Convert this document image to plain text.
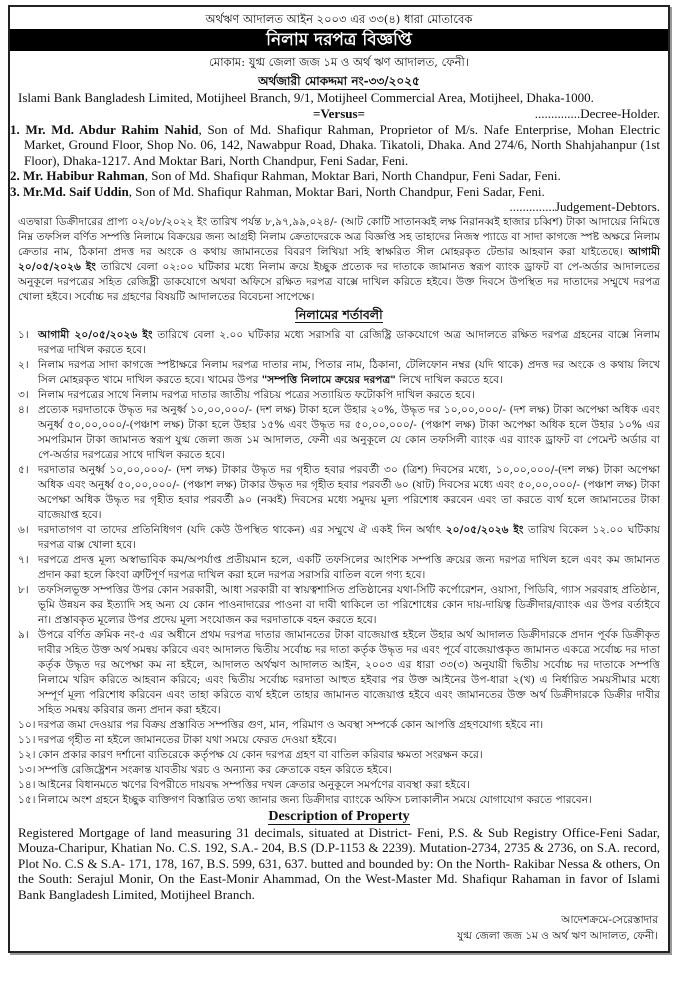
অর্থঋণ আদালত আইন ২০০৩ এর ৩৩(৪) ধারা মোতাবেক
নিলাম দরপত্র বিজ্ঞপ্তি
মোকাম: যুগ্ম জেলা জজ ১ম ও অর্থ ঋণ আদালত, ফেনী।
অর্থজারী মোকদ্দমা নং-৩৩/২০২৫
Islami Bank Bangladesh Limited, Motijheel Branch, 9/1, Motijheel Commercial Area, Motijheel, Dhaka-1000.
..............Decree-Holder.
=Versus=
1. Mr. Md. Abdur Rahim Nahid, Son of Md. Shafiqur Rahman, Proprietor of M/s. Nafe Enterprise, Mohan Electric Market, Ground Floor, Shop No. 06, 142, Nawabpur Road, Dhaka. Tikatoli, Dhaka. And 274/6, North Shahjahanpur (1st Floor), Dhaka-1217. And Moktar Bari, North Chandpur, Feni Sadar, Feni.
2. Mr. Habibur Rahman, Son of Md. Shafiqur Rahman, Moktar Bari, North Chandpur, Feni Sadar, Feni.
3. Mr.Md. Saif Uddin, Son of Md. Shafiqur Rahman, Moktar Bari, North Chandpur, Feni Sadar, Feni.
..............Judgement-Debtors.
এতদ্বারা ডিক্রীদারের প্রাপ্য ০২/০৮/২০২২ ইং তারিখ পর্যন্ত ৮,৯৭,৯৯,০২৪/- (আট কোটি সাতানব্বই লক্ষ নিরানব্বই হাজার চব্বিশ) টাকা আদায়ের নিমিত্তে নিম্ন তফসিল বর্ণিত সম্পত্তি নিলামে বিক্রয়ের জন্য আগ্রহী নিলাম ক্রেতাদেরকে অত্র বিজ্ঞপ্তি সহ তাহাদের নিজস্ব প্যাডে বা সাদা কাগজে স্পষ্ট অক্ষরে নিলাম ক্রেতার নাম, ঠিকানা প্রদত্ত দর অংকে ও কথায় জামানতের বিবরণ লিখিয়া সহি স্বাক্ষরিত সীল মোহরকৃত টেন্ডার আহবান করা যাইতেছে। আগামী ২০/০৫/২০২৬ ইং তারিখে বেলা ০২:০০ ঘটিকার মধ্যে নিলাম ক্রয়ে ইচ্ছুক প্রত্যেক দর দাতাকে জামানত স্বরূপ ব্যাংক ড্রাফট বা পে-অর্ডার আদালতের অনুকূলে দরপত্রের সহিত রেজিষ্ট্রী ডাকযোগে অথবা অফিসে রক্ষিত দরপত্র বাক্সে দাখিল করিতে হইবে। উক্ত দিবসে উপস্থিত দর দাতাদের সম্মুখে দরপত্র খোলা হইবে। সর্বোচ্চ দর গ্রহণের বিষয়টি আদালতের বিবেচনা সাপেক্ষে।
নিলামের শর্তাবলী
১। আগামী ২০/০৫/২০২৬ ইং তারিখে বেলা ২.০০ ঘটিকার মধ্যে সরাসরি বা রেজিষ্ট্রি ডাকযোগে অত্র আদালতে রক্ষিত দরপত্র গ্রহনের বাক্সে নিলাম দরপত্র দাখিল করতে হবে।
২। নিলাম দরপত্র সাদা কাগজে স্পষ্টাক্ষরে নিলাম দরপত্র দাতার নাম, পিতার নাম, ঠিকানা, টেলিফোন নম্বর (যদি থাকে) প্রদত্ত দর অংকে ও কথায় লিখে সিল মোহরকৃত খামে দাখিল করতে হবে। খামের উপর "সম্পত্তি নিলামে ক্রয়ের দরপত্র" লিখে দাখিল করতে হবে।
৩। নিলাম দরপত্রের সাথে নিলাম দরপত্র দাতার জাতীয় পরিচয় পত্রের সত্যায়িত ফটোকপি দাখিল করতে হবে।
৪। প্রত্যেক দরদাতাকে উদ্ধৃত দর অনুর্ধ্ব ১০,০০,০০০/- (দশ লক্ষ) টাকা হলে উহার ২০%, উদ্ধৃত দর ১০,০০,০০০/- (দশ লক্ষ) টাকা অপেক্ষা অধিক এবং অনুর্ধ্ব ৫০,০০,০০০/-(পঞ্চাশ লক্ষ) টাকা হলে উহার ১৫% এবং উদ্ধৃত দর ৫০,০০,০০০/- (পঞ্চাশ লক্ষ) টাকা অপেক্ষা অধিক হলে উহার ১০% এর সমপরিমান টাকা জামানত স্বরূপ যুগ্ম জেলা জজ ১ম আদালত, ফেনী এর অনুকূলে যে কোন তফসিলী ব্যাংক এর ব্যাংক ড্রাফট বা পেমেন্ট অর্ডার বা পে-অর্ডার দরপত্রের সাথে দাখিল করতে হবে।
৫। দরদাতার অনুর্ধ্ব ১০,০০,০০০/- (দশ লক্ষ) টাকার উদ্ধৃত দর গৃহীত হবার পরবর্তী ৩০ (ত্রিশ) দিবসের মধ্যে, ১০,০০,০০০/-(দশ লক্ষ) টাকা অপেক্ষা অধিক এবং অনুর্ধ্ব ৫০,০০,০০০/- (পঞ্চাশ লক্ষ) টাকার উদ্ধৃত দর গৃহীত হবার পরবর্তী ৬০ (ষাট) দিবসের মধ্যে এবং ৫০,০০,০০০/- (পঞ্চাশ লক্ষ) টাকা অপেক্ষা অধিক উদ্ধৃত দর গৃহীত হবার পরবর্তী ৯০ (নব্বই) দিবসের মধ্যে সমুদয় মূল্য পরিশোধ করবেন এবং তা করতে ব্যর্থ হলে জামানতের টাকা বাজেয়াপ্ত হবে।
৬। দরদাতাগণ বা তাদের প্রতিনিধিগণ (যদি কেউ উপস্থিত থাকেন) এর সম্মুখে ঐ একই দিন অর্থাৎ ২০/০৫/২০২৬ ইং তারিখ বিকেল ১২.০০ ঘটিকায় দরপত্র বাক্স খোলা হবে।
৭। দরপত্রে প্রদত্ত মূল্য অস্বাভাবিক কম/অপর্যাপ্ত প্রতীয়মান হলে, একটি তফসিলের আংশিক সম্পত্তি ক্রয়ের জন্য দরপত্র দাখিল হলে এবং কম জামানত প্রদান করা হলে কিংবা ত্রুটিপূর্ণ দরপত্র দাখিল করা হলে দরপত্র সরাসরি বাতিল বলে গণ্য হবে।
৮। তফসিলভূক্ত সম্পত্তির উপর কোন সরকারী, আধা সরকারী বা স্বায়ত্বশাসিত প্রতিষ্ঠানের যথা-সিটি কর্পোরেশন, ওয়াসা, পিডিবি, গ্যাস সরবরাহ প্রতিষ্ঠান, ভূমি উন্নয়ন কর ইত্যাদি সহ অন্য যে কোন পাওনাদারের পাওনা বা দাবী থাকিলে তা পরিশোধের কোন দায়-দায়িত্ব ডিক্রীদার/ব্যাংক এর উপর বর্তাইবে না। প্রস্তাবকৃত মূল্যের উপর প্রদেয় মূল্য সংযোজন কর দরদাতাকে বহন করতে হবে।
৯। উপরে বর্ণিত ক্রমিক নং-৫ এর অধীনে প্রথম দরপত্র দাতার জামানতের টাকা বাজেয়াপ্ত হইলে উহার অর্থ আদালত ডিক্রীদারকে প্রদান পূর্বক ডিক্রীকৃত দাবীর সহিত উক্ত অর্থ সমন্বয় করিবে এবং আদালত দ্বিতীয় সর্বোচ্চ দর দাতা কর্তৃক উদ্ধৃত দর এবং পূর্বে বাজেয়াপ্তকৃত জামানত একত্রে সর্বোচ্চ দর দাতা কর্তৃক উদ্ধৃত দর অপেক্ষা কম না হইলে, আদালত অর্থঋণ আদালত আইন, ২০০৩ এর ধারা ৩৩(৩) অনুযায়ী দ্বিতীয় সর্বোচ্চ দর দাতাকে সম্পত্তি নিলামে খরিদ করিতে আহবান করিবে; এবং দ্বিতীয় সর্বোচ্চ দরদাতা আহুত হইবার পর উক্ত আইনের উপ-ধারা ২(খ) এ নির্ধারিত সময়সীমার মধ্যে সম্পূর্ণ মূল্য পরিশোধ করিবেন এবং তাহা করিতে ব্যর্থ হইলে তাহার জামানত বাজেয়াপ্ত হইবে এবং জামানতের উক্ত অর্থ ডিক্রীদারকে ডিক্রীর দাবীর সহিত সমন্বয় করিবার জন্য প্রদান করা হইবে।
১০। দরপত্র জমা দেওয়ার পর বিক্রয় প্রস্তাবিত সম্পত্তির গুণ, মান, পরিমাণ ও অবস্থা সম্পর্কে কোন আপত্তি গ্রহণযোগ্য হইবে না।
১১। দরপত্র গৃহীত না হইলে জামানতের টাকা যথা সময়ে ফেরত দেওয়া হইবে।
১২। কোন প্রকার কারণ দর্শানো ব্যতিরেকে কর্তৃপক্ষ যে কোন দরপত্র গ্রহণ বা বাতিল করিবার ক্ষমতা সংরক্ষন করে।
১৩। সম্পত্তি রেজিষ্ট্রেশন সংক্রান্ত যাবতীয় খরচ ও অন্যান্য কর ক্রেতাকে বহন করিতে হইবে।
১৪। আইনের বিধানমতে ঋণের বিপরীতে দায়বদ্ধ সম্পত্তির দখল ক্রেতার অনুকূলে সমর্পণের ব্যবস্থা করা হইবে।
১৫। নিলামে অংশ গ্রহনে ইচ্ছুক ব্যক্তিগণ বিস্তারিত তথ্য জানার জন্য ডিক্রীদার ব্যাংকে অফিস চলাকালীন সময়ে যোগাযোগ করতে পারবেন।
Description of Property
Registered Mortgage of land measuring 31 decimals, situated at District- Feni, P.S. & Sub Registry Office-Feni Sadar, Mouza-Charipur, Khatian No. C.S. 192, S.A.- 204, B.S (D.P-1153 & 2239). Mutation-2734, 2735 & 2736, on S.A. record, Plot No. C.S & S.A- 171, 178, 167, B.S. 599, 631, 637. butted and bounded by: On the North- Rakibar Nessa & others, On the South: Serajul Monir, On the East-Monir Ahammad, On the West-Master Md. Shafiqur Rahaman in favor of Islami Bank Bangladesh Limited, Motijheel Branch.
আদেশক্রমে-সেরেস্তাদার
যুগ্ম জেলা জজ ১ম ও অর্থ ঋণ আদালত, ফেনী।
